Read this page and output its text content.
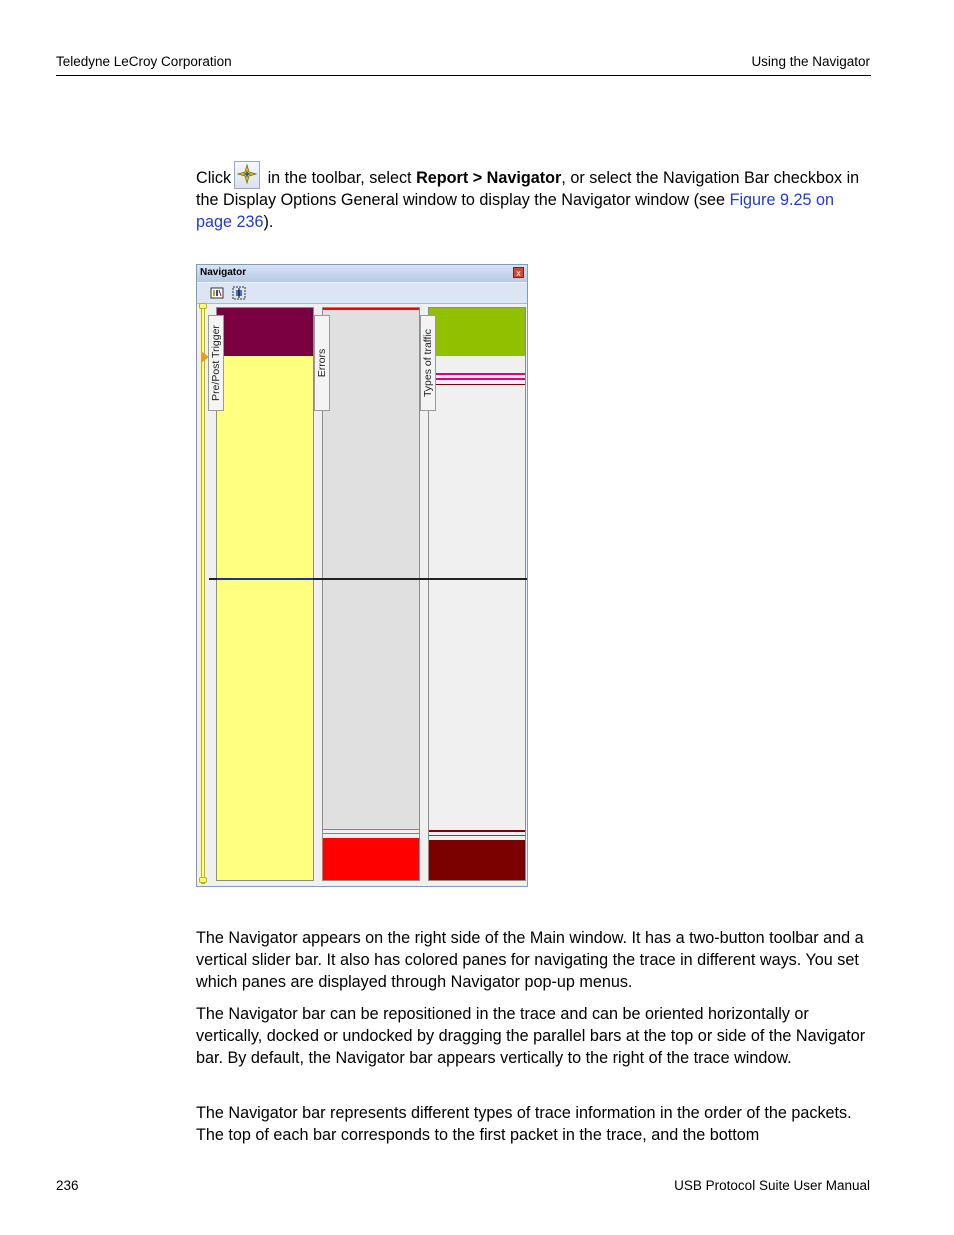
Teledyne LeCroy Corporation	Using the Navigator

Click
in the toolbar, select Report > Navigator, or select the Navigation Bar checkbox in the Display Options General window to display the Navigator window (see Figure 9.25 on page 236).

Navigator	x
Pre/Post Trigger	Errors	Types of traffic

The Navigator appears on the right side of the Main window. It has a two-button toolbar and a vertical slider bar. It also has colored panes for navigating the trace in different ways. You set which panes are displayed through Navigator pop-up menus.

The Navigator bar can be repositioned in the trace and can be oriented horizontally or vertically, docked or undocked by dragging the parallel bars at the top or side of the Navigator bar. By default, the Navigator bar appears vertically to the right of the trace window.

The Navigator bar represents different types of trace information in the order of the packets. The top of each bar corresponds to the first packet in the trace, and the bottom

236	USB Protocol Suite User Manual
